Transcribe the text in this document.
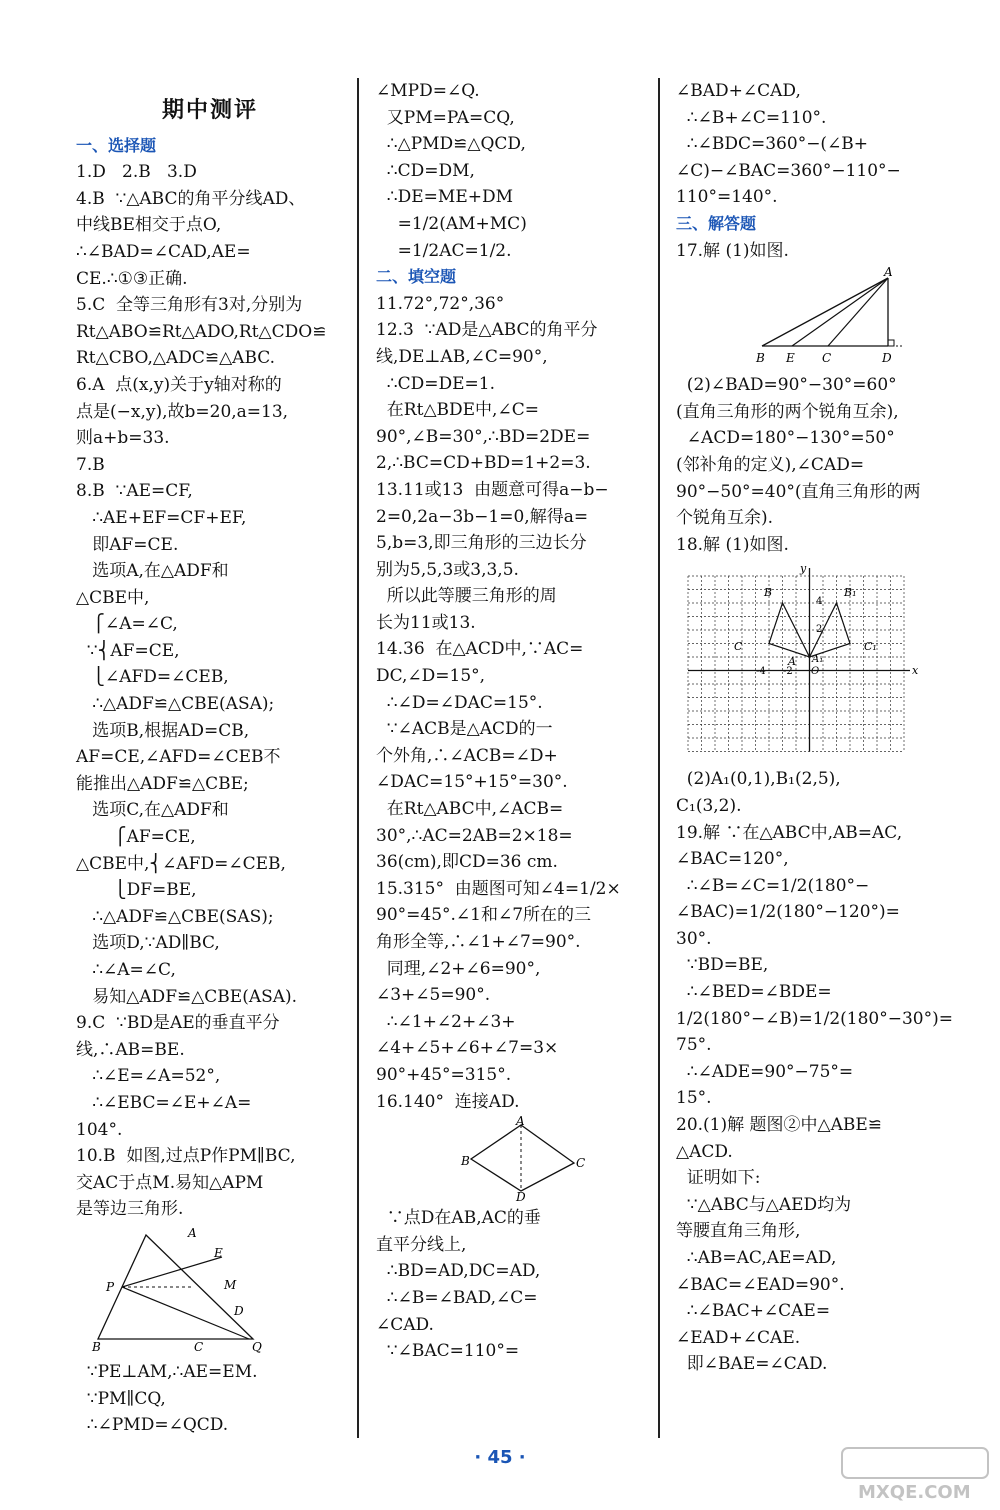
期中测评
一、选择题
1.D   2.B   3.D
4.B  ∵△ABC的角平分线AD、
中线BE相交于点O,
∴∠BAD=∠CAD,AE=
CE.∴①③正确.
5.C  全等三角形有3对,分别为
Rt△ABO≌Rt△ADO,Rt△CDO≌
Rt△CBO,△ADC≌△ABC.
6.A  点(x,y)关于y轴对称的
点是(−x,y),故b=20,a=13,
则a+b=33.
7.B
8.B  ∵AE=CF,
∴AE+EF=CF+EF,
即AF=CE.
选项A,在△ADF和
△CBE中,
⎧∠A=∠C,
∵⎨AF=CE,
⎩∠AFD=∠CEB,
∴△ADF≌△CBE(ASA);
选项B,根据AD=CB,
AF=CE,∠AFD=∠CEB不
能推出△ADF≌△CBE;
选项C,在△ADF和
⎧AF=CE,
△CBE中,⎨∠AFD=∠CEB,
⎩DF=BE,
∴△ADF≌△CBE(SAS);
选项D,∵AD∥BC,
∴∠A=∠C,
易知△ADF≌△CBE(ASA).
9.C  ∵BD是AE的垂直平分
线,∴AB=BE.
∴∠E=∠A=52°,
∴∠EBC=∠E+∠A=
104°.
10.B  如图,过点P作PM∥BC,
交AC于点M.易知△APM
是等边三角形.
A
E
P	M
D
B	C	Q
∵PE⊥AM,∴AE=EM.
∵PM∥CQ,
∴∠PMD=∠QCD.
∠MPD=∠Q.
又PM=PA=CQ,
∴△PMD≌△QCD,
∴CD=DM,
∴DE=ME+DM
=1/2(AM+MC)
=1/2AC=1/2.
二、填空题
11.72°,72°,36°
12.3  ∵AD是△ABC的角平分
线,DE⊥AB,∠C=90°,
∴CD=DE=1.
在Rt△BDE中,∠C=
90°,∠B=30°,∴BD=2DE=
2,∴BC=CD+BD=1+2=3.
13.11或13  由题意可得a−b−
2=0,2a−3b−1=0,解得a=
5,b=3,即三角形的三边长分
别为5,5,3或3,3,5.
所以此等腰三角形的周
长为11或13.
14.36  在△ACD中,∵AC=
DC,∠D=15°,
∴∠D=∠DAC=15°.
∵∠ACB是△ACD的一
个外角,∴∠ACB=∠D+
∠DAC=15°+15°=30°.
在Rt△ABC中,∠ACB=
30°,∴AC=2AB=2×18=
36(cm),即CD=36 cm.
15.315°  由题图可知∠4=1/2×
90°=45°.∠1和∠7所在的三
角形全等,∴∠1+∠7=90°.
同理,∠2+∠6=90°,
∠3+∠5=90°.
∴∠1+∠2+∠3+
∠4+∠5+∠6+∠7=3×
90°+45°=315°.
16.140°  连接AD.
A
B	C
D
∵点D在AB,AC的垂
直平分线上,
∴BD=AD,DC=AD,
∴∠B=∠BAD,∠C=
∠CAD.
∵∠BAC=110°=
∠BAD+∠CAD,
∴∠B+∠C=110°.
∴∠BDC=360°−(∠B+
∠C)−∠BAC=360°−110°−
110°=140°.
三、解答题
17.解 (1)如图.
A
B E C	D
(2)∠BAD=90°−30°=60°
(直角三角形的两个锐角互余),
∠ACD=180°−130°=50°
(邻补角的定义),∠CAD=
90°−50°=40°(直角三角形的两
个锐角互余).
18.解 (1)如图.
y
x
O
B	B₁
C	C₁
A A₁
4
2
-4 -2
(2)A₁(0,1),B₁(2,5),
C₁(3,2).
19.解 ∵在△ABC中,AB=AC,
∠BAC=120°,
∴∠B=∠C=1/2(180°−
∠BAC)=1/2(180°−120°)=
30°.
∵BD=BE,
∴∠BED=∠BDE=
1/2(180°−∠B)=1/2(180°−30°)=
75°.
∴∠ADE=90°−75°=
15°.
20.(1)解 题图②中△ABE≌
△ACD.
证明如下:
∵△ABC与△AED均为
等腰直角三角形,
∴AB=AC,AE=AD,
∠BAC=∠EAD=90°.
∴∠BAC+∠CAE=
∠EAD+∠CAE.
即∠BAE=∠CAD.
· 45 ·
MXQE.COM
